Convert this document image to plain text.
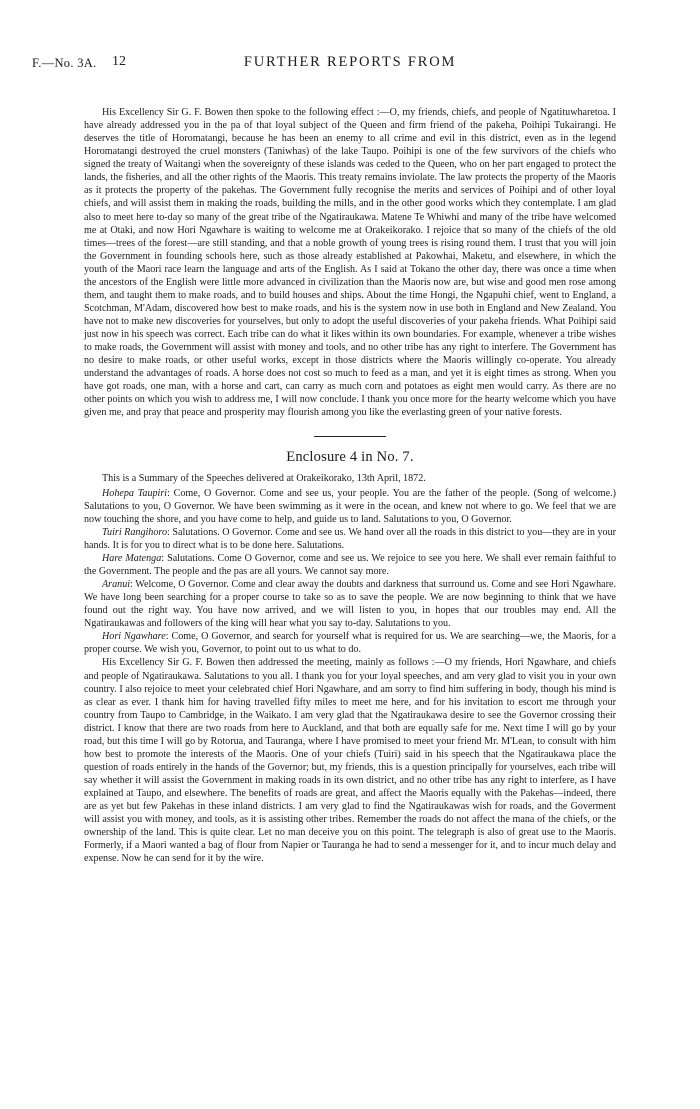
F.—No. 3A. 12	FURTHER REPORTS FROM

His Excellency Sir G. F. Bowen then spoke to the following effect :—O, my friends, chiefs, and people of Ngatituwharetoa. I have already addressed you in the pa of that loyal subject of the Queen and firm friend of the pakeha, Poihipi Tukairangi. He deserves the title of Horomatangi, because he has been an enemy to all crime and evil in this district, even as in the legend Horomatangi destroyed the cruel monsters (Taniwhas) of the lake Taupo. Poihipi is one of the few survivors of the chiefs who signed the treaty of Waitangi when the sovereignty of these islands was ceded to the Queen, who on her part engaged to protect the lands, the fisheries, and all the other rights of the Maoris. This treaty remains inviolate. The law protects the property of the Maoris as it protects the property of the pakehas. The Government fully recognise the merits and services of Poihipi and of other loyal chiefs, and will assist them in making the roads, building the mills, and in the other good works which they contemplate. I am glad also to meet here to-day so many of the great tribe of the Ngatiraukawa. Matene Te Whiwhi and many of the tribe have welcomed me at Otaki, and now Hori Ngawhare is waiting to welcome me at Orakeikorako. I rejoice that so many of the chiefs of the old times—trees of the forest—are still standing, and that a noble growth of young trees is rising round them. I trust that you will join the Government in founding schools here, such as those already established at Pakowhai, Maketu, and elsewhere, in which the youth of the Maori race learn the language and arts of the English. As I said at Tokano the other day, there was once a time when the ancestors of the English were little more advanced in civilization than the Maoris now are, but wise and good men rose among them, and taught them to make roads, and to build houses and ships. About the time Hongi, the Ngapuhi chief, went to England, a Scotchman, M'Adam, discovered how best to make roads, and his is the system now in use both in England and New Zealand. You have not to make new discoveries for yourselves, but only to adopt the useful discoveries of your pakeha friends. What Poihipi said just now in his speech was correct. Each tribe can do what it likes within its own boundaries. For example, whenever a tribe wishes to make roads, the Government will assist with money and tools, and no other tribe has any right to interfere. The Government has no desire to make roads, or other useful works, except in those districts where the Maoris willingly co-operate. You already understand the advantages of roads. A horse does not cost so much to feed as a man, and yet it is eight times as strong. When you have got roads, one man, with a horse and cart, can carry as much corn and potatoes as eight men would carry. As there are no other points on which you wish to address me, I will now conclude. I thank you once more for the hearty welcome which you have given me, and pray that peace and prosperity may flourish among you like the everlasting green of your native forests.

Enclosure 4 in No. 7.

This is a Summary of the Speeches delivered at Orakeikorako, 13th April, 1872.

Hohepa Taupiri: Come, O Governor. Come and see us, your people. You are the father of the people. (Song of welcome.) Salutations to you, O Governor. We have been swimming as it were in the ocean, and knew not where to go. We feel that we are now touching the shore, and you have come to help, and guide us to land. Salutations to you, O Governor.

Tuiri Rangihoro: Salutations. O Governor. Come and see us. We hand over all the roads in this district to you—they are in your hands. It is for you to direct what is to be done here. Salutations.

Hare Matenga: Salutations. Come O Governor, come and see us. We rejoice to see you here. We shall ever remain faithful to the Government. The people and the pas are all yours. We cannot say more.

Aranui: Welcome, O Governor. Come and clear away the doubts and darkness that surround us. Come and see Hori Ngawhare. We have long been searching for a proper course to take so as to save the people. We are now beginning to think that we have found out the right way. You have now arrived, and we will listen to you, in hopes that our troubles may end. All the Ngatiraukawas and followers of the king will hear what you say to-day. Salutations to you.

Hori Ngawhare: Come, O Governor, and search for yourself what is required for us. We are searching—we, the Maoris, for a proper course. We wish you, Governor, to point out to us what to do.

His Excellency Sir G. F. Bowen then addressed the meeting, mainly as follows :—O my friends, Hori Ngawhare, and chiefs and people of Ngatiraukawa. Salutations to you all. I thank you for your loyal speeches, and am very glad to visit you in your own country. I also rejoice to meet your celebrated chief Hori Ngawhare, and am sorry to find him suffering in body, though his mind is as clear as ever. I thank him for having travelled fifty miles to meet me here, and for his invitation to escort me through your country from Taupo to Cambridge, in the Waikato. I am very glad that the Ngatiraukawa desire to see the Governor crossing their district. I know that there are two roads from here to Auckland, and that both are equally safe for me. Next time I will go by your road, but this time I will go by Rotorua, and Tauranga, where I have promised to meet your friend Mr. M'Lean, to consult with him how best to promote the interests of the Maoris. One of your chiefs (Tuiri) said in his speech that the Ngatiraukawa place the question of roads entirely in the hands of the Governor; but, my friends, this is a question principally for yourselves, each tribe will say whether it will assist the Government in making roads in its own district, and no other tribe has any right to interfere, as I have explained at Taupo, and elsewhere. The benefits of roads are great, and affect the Maoris equally with the Pakehas—indeed, there are as yet but few Pakehas in these inland districts. I am very glad to find the Ngatiraukawas wish for roads, and the Goverment will assist you with money, and tools, as it is assisting other tribes. Remember the roads do not affect the mana of the chiefs, or the ownership of the land. This is quite clear. Let no man deceive you on this point. The telegraph is also of great use to the Maoris. Formerly, if a Maori wanted a bag of flour from Napier or Tauranga he had to send a messenger for it, and to incur much delay and expense. Now he can send for it by the wire.
